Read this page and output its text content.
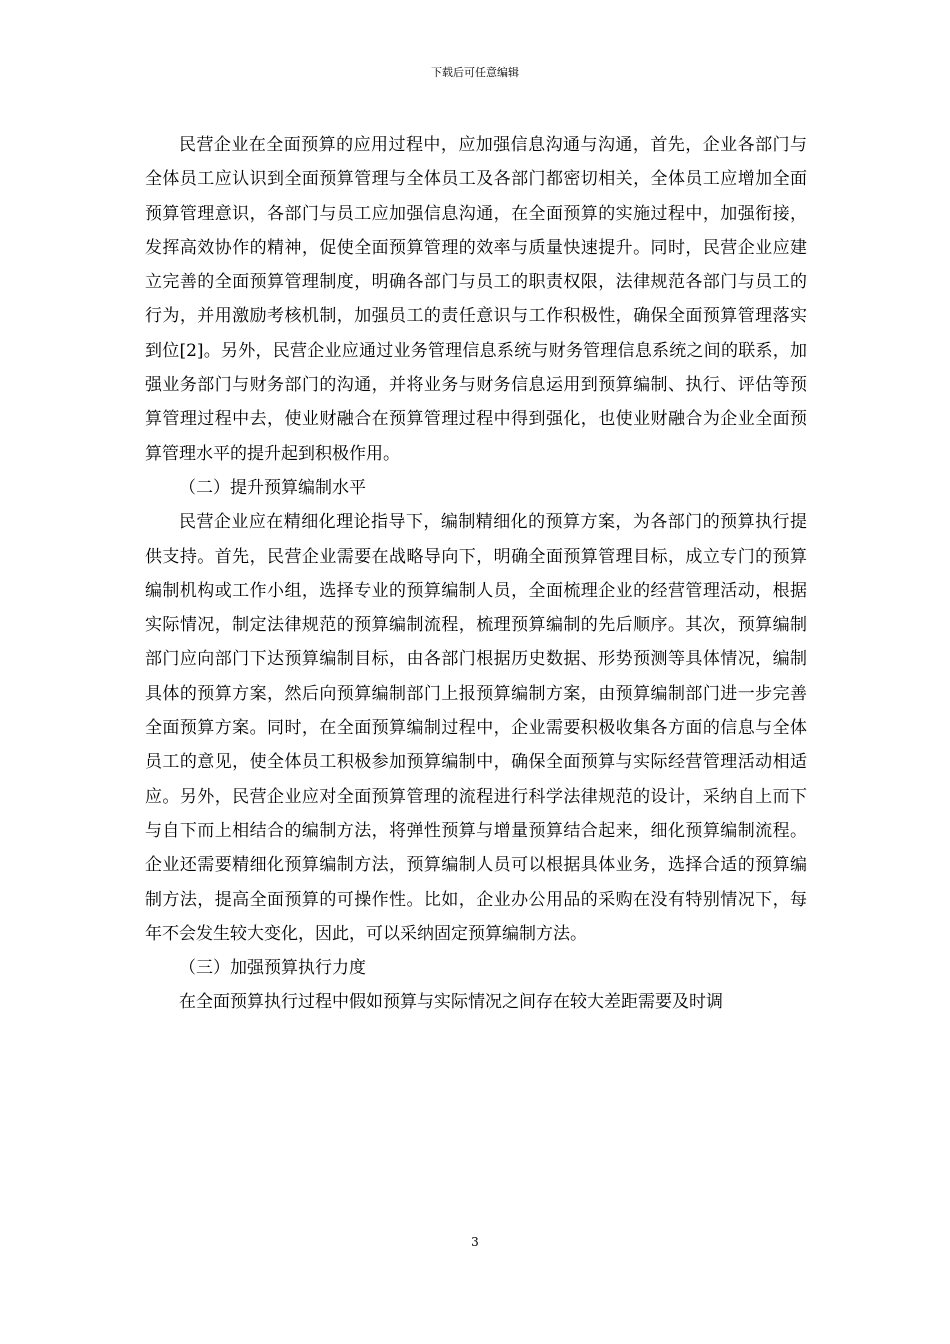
下载后可任意编辑

民营企业在全面预算的应用过程中，应加强信息沟通与沟通，首先，企业各部门与全体员工应认识到全面预算管理与全体员工及各部门都密切相关，全体员工应增加全面预算管理意识，各部门与员工应加强信息沟通，在全面预算的实施过程中，加强衔接，发挥高效协作的精神，促使全面预算管理的效率与质量快速提升。同时，民营企业应建立完善的全面预算管理制度，明确各部门与员工的职责权限，法律规范各部门与员工的行为，并用激励考核机制，加强员工的责任意识与工作积极性，确保全面预算管理落实到位[2]。另外，民营企业应通过业务管理信息系统与财务管理信息系统之间的联系，加强业务部门与财务部门的沟通，并将业务与财务信息运用到预算编制、执行、评估等预算管理过程中去，使业财融合在预算管理过程中得到强化，也使业财融合为企业全面预算管理水平的提升起到积极作用。

（二）提升预算编制水平

民营企业应在精细化理论指导下，编制精细化的预算方案，为各部门的预算执行提供支持。首先，民营企业需要在战略导向下，明确全面预算管理目标，成立专门的预算编制机构或工作小组，选择专业的预算编制人员，全面梳理企业的经营管理活动，根据实际情况，制定法律规范的预算编制流程，梳理预算编制的先后顺序。其次，预算编制部门应向部门下达预算编制目标，由各部门根据历史数据、形势预测等具体情况，编制具体的预算方案，然后向预算编制部门上报预算编制方案，由预算编制部门进一步完善全面预算方案。同时，在全面预算编制过程中，企业需要积极收集各方面的信息与全体员工的意见，使全体员工积极参加预算编制中，确保全面预算与实际经营管理活动相适应。另外，民营企业应对全面预算管理的流程进行科学法律规范的设计，采纳自上而下与自下而上相结合的编制方法，将弹性预算与增量预算结合起来，细化预算编制流程。企业还需要精细化预算编制方法，预算编制人员可以根据具体业务，选择合适的预算编制方法，提高全面预算的可操作性。比如，企业办公用品的采购在没有特别情况下，每年不会发生较大变化，因此，可以采纳固定预算编制方法。

（三）加强预算执行力度

在全面预算执行过程中假如预算与实际情况之间存在较大差距需要及时调

3
